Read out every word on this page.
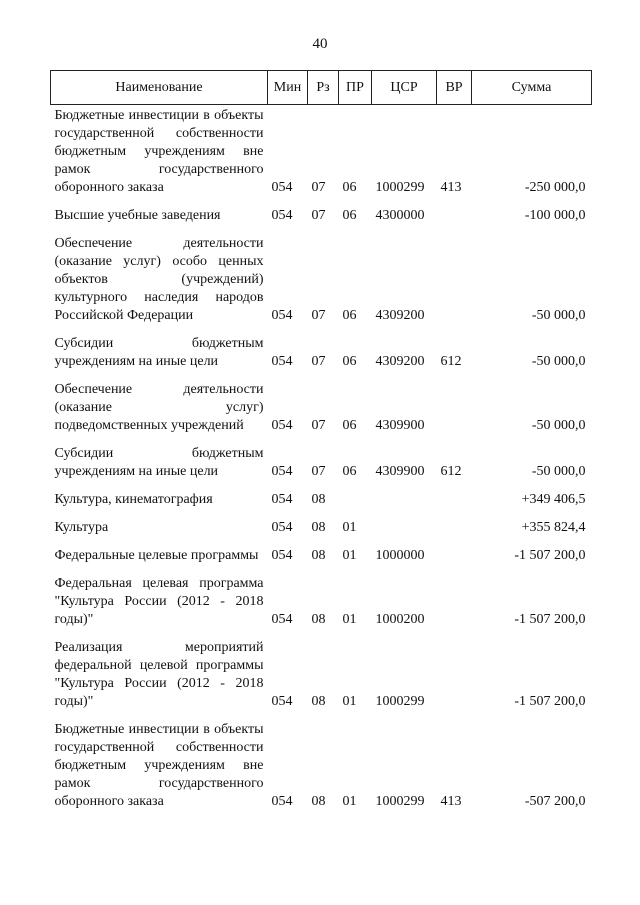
40
Наименование	Мин	Рз	ПР	ЦСР	ВР	Сумма
Бюджетные инвестиции в объекты государственной собственности бюджетным учреждениям вне рамок государственного оборонного заказа	054	07	06	1000299	413	-250 000,0
Высшие учебные заведения	054	07	06	4300000		-100 000,0
Обеспечение деятельности (оказание услуг) особо ценных объектов (учреждений) культурного наследия народов Российской Федерации	054	07	06	4309200		-50 000,0
Субсидии бюджетным учреждениям на иные цели	054	07	06	4309200	612	-50 000,0
Обеспечение деятельности (оказание услуг) подведомственных учреждений	054	07	06	4309900		-50 000,0
Субсидии бюджетным учреждениям на иные цели	054	07	06	4309900	612	-50 000,0
Культура, кинематография	054	08				+349 406,5
Культура	054	08	01			+355 824,4
Федеральные целевые программы	054	08	01	1000000		-1 507 200,0
Федеральная целевая программа "Культура России (2012 - 2018 годы)"	054	08	01	1000200		-1 507 200,0
Реализация мероприятий федеральной целевой программы "Культура России (2012 - 2018 годы)"	054	08	01	1000299		-1 507 200,0
Бюджетные инвестиции в объекты государственной собственности бюджетным учреждениям вне рамок государственного оборонного заказа	054	08	01	1000299	413	-507 200,0
